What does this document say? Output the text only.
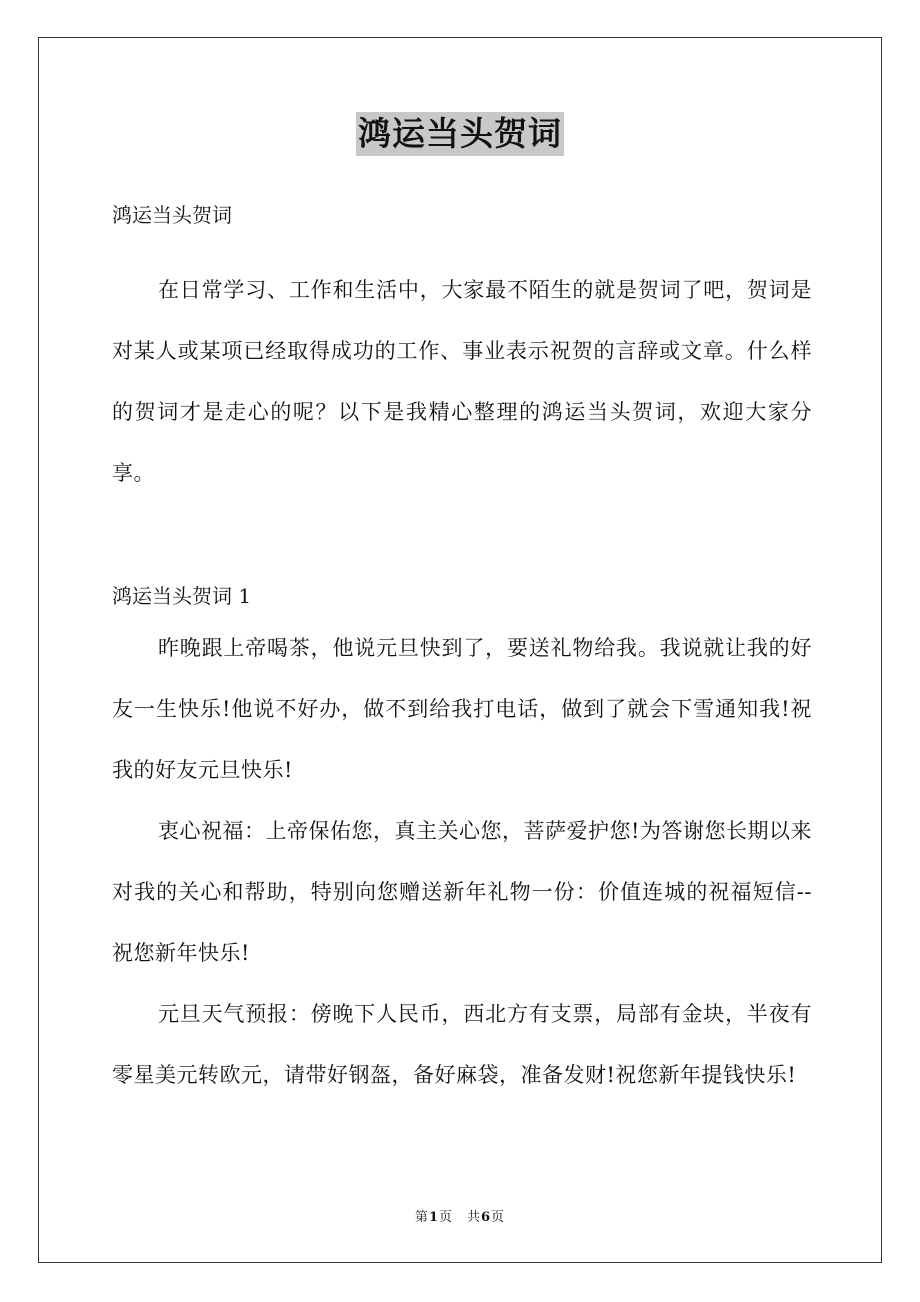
鸿运当头贺词

鸿运当头贺词

在日常学习、工作和生活中，大家最不陌生的就是贺词了吧，贺词是对某人或某项已经取得成功的工作、事业表示祝贺的言辞或文章。什么样的贺词才是走心的呢？以下是我精心整理的鸿运当头贺词，欢迎大家分享。

鸿运当头贺词 1

昨晚跟上帝喝茶，他说元旦快到了，要送礼物给我。我说就让我的好友一生快乐!他说不好办，做不到给我打电话，做到了就会下雪通知我!祝我的好友元旦快乐!

衷心祝福：上帝保佑您，真主关心您，菩萨爱护您!为答谢您长期以来对我的关心和帮助，特别向您赠送新年礼物一份：价值连城的祝福短信--祝您新年快乐!

元旦天气预报：傍晚下人民币，西北方有支票，局部有金块，半夜有零星美元转欧元，请带好钢盔，备好麻袋，准备发财!祝您新年提钱快乐!

第1页　共6页
